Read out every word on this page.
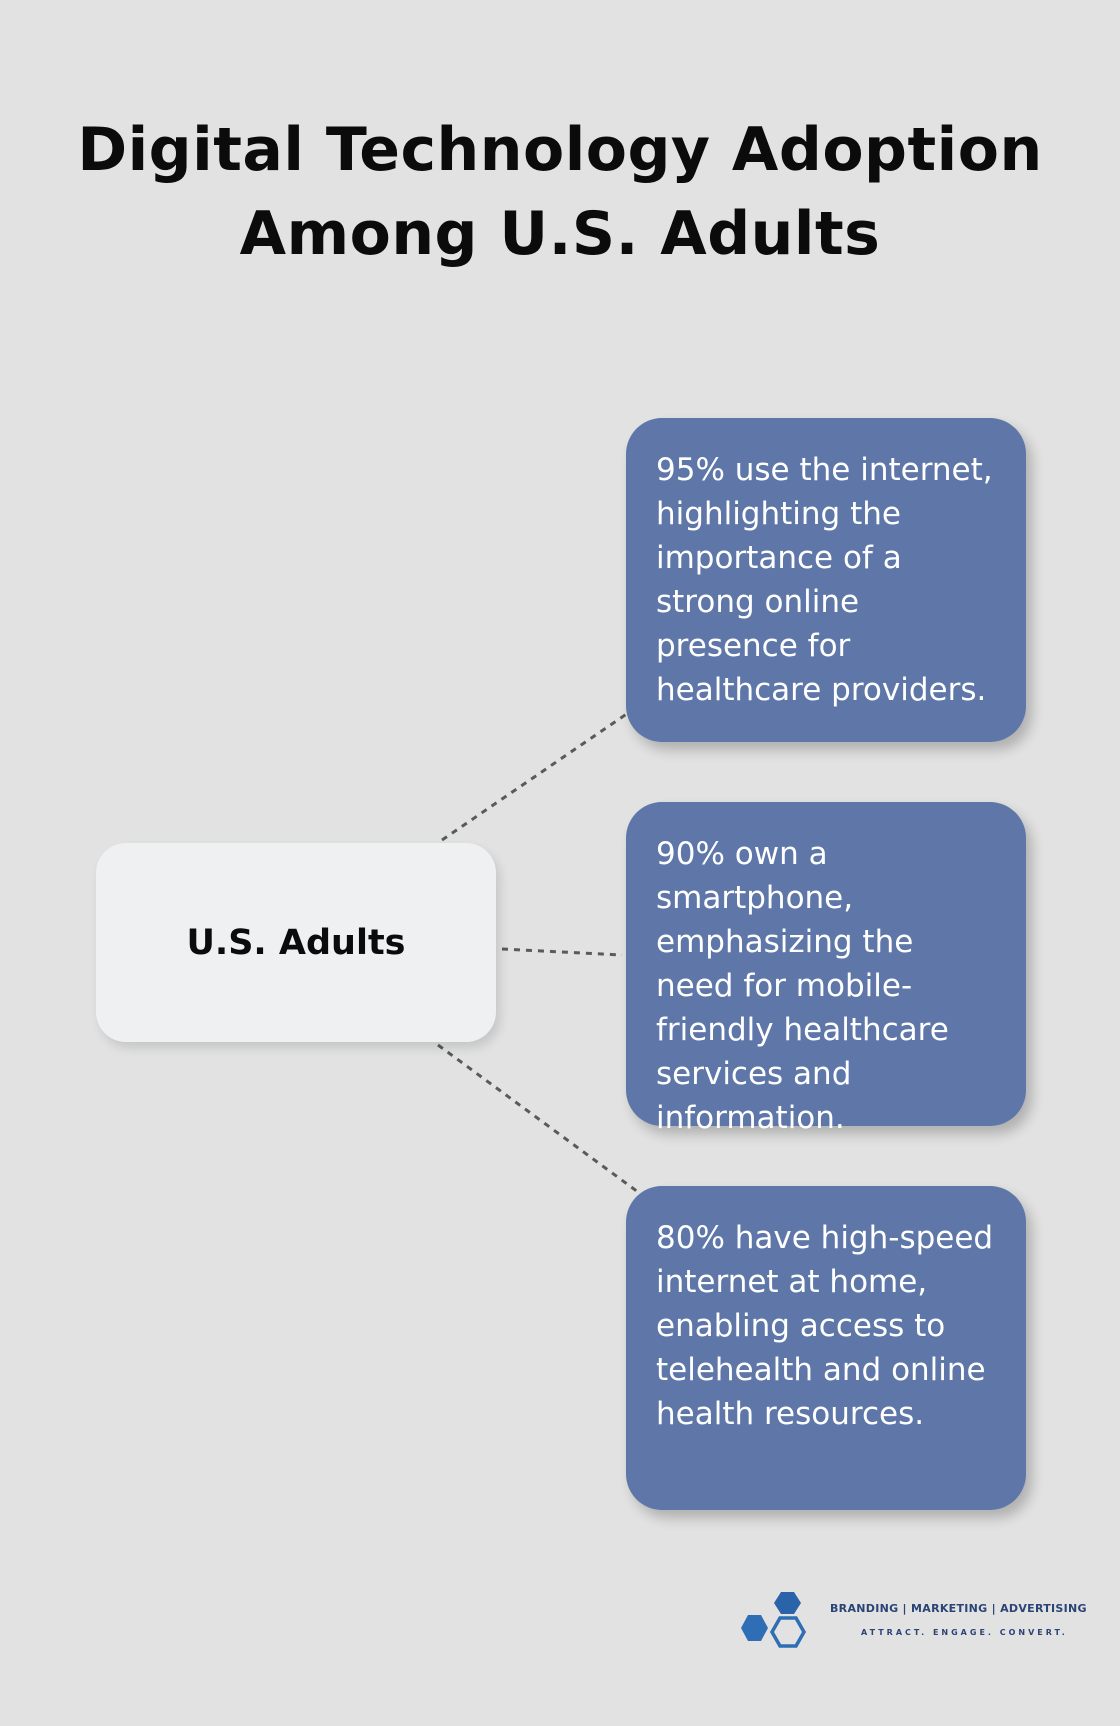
Digital Technology Adoption
Among U.S. Adults
U.S. Adults
95% use the internet, highlighting the importance of a strong online presence for healthcare providers.
90% own a smartphone, emphasizing the need for mobile-friendly healthcare services and information.
80% have high-speed internet at home, enabling access to telehealth and online health resources.
BRANDING | MARKETING | ADVERTISING
ATTRACT. ENGAGE. CONVERT.
